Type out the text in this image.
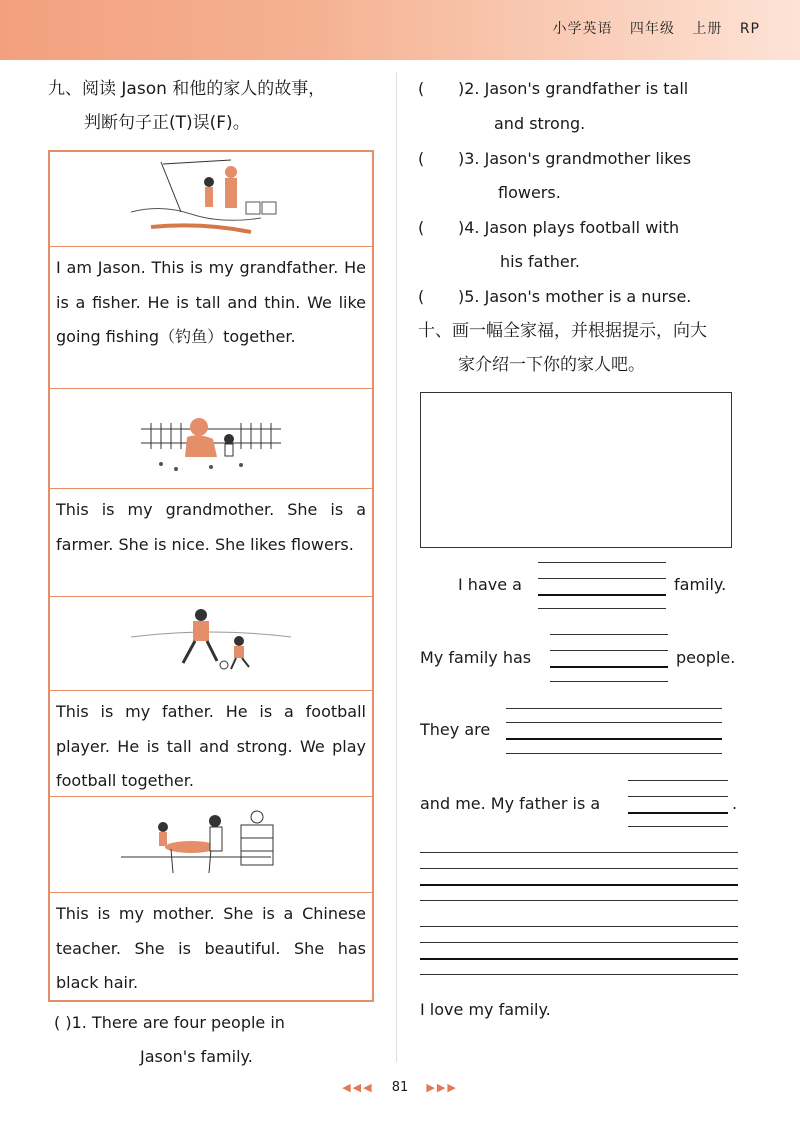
小学英语 四年级 上册 RP
九、阅读 Jason 和他的家人的故事，
判断句子正(T)误(F)。
I am Jason. This is my grandfather. He is a fisher. He is tall and thin. We like going fishing（钓鱼）together.
This is my grandmother. She is a farmer. She is nice. She likes flowers.
This is my father. He is a football player. He is tall and strong. We play football together.
This is my mother. She is a Chinese teacher. She is beautiful. She has black hair.
( )1. There are four people in
Jason's family.
( )2. Jason's grandfather is tall
and strong.
( )3. Jason's grandmother likes
flowers.
( )4. Jason plays football with
his father.
( )5. Jason's mother is a nurse.
十、画一幅全家福，并根据提示，向大
家介绍一下你的家人吧。
I have a	family.
My family has	people.
They are
and me. My father is a	.
I love my family.
◀◀◀ 81 ▶▶▶
